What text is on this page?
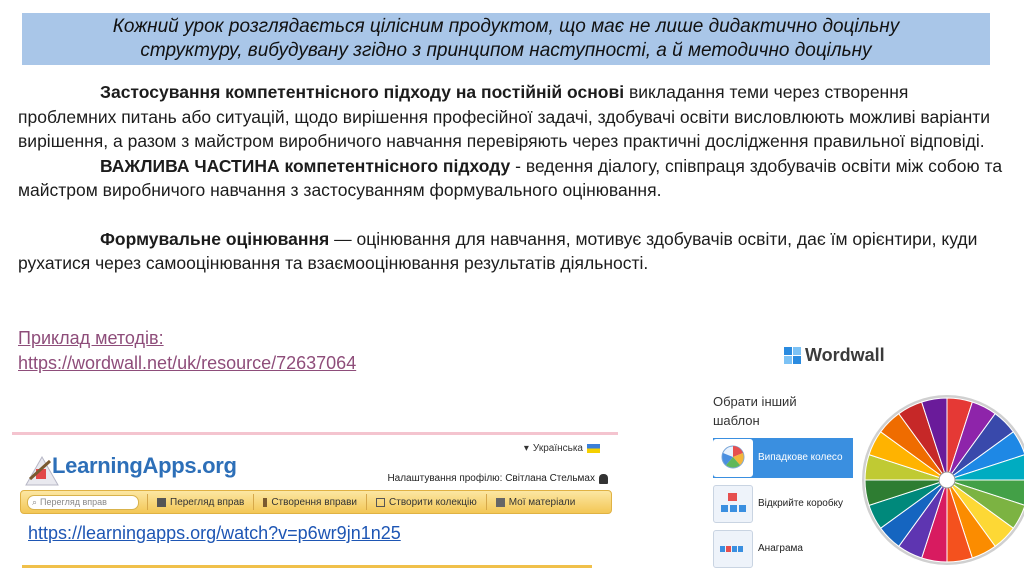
Кожний урок розглядається цілісним продуктом, що має не лише дидактично доцільну
структуру, вибудувану згідно з принципом наступності, а й методично доцільну

Застосування компетентнісного підходу на постійній основі викладання теми через створення проблемних питань або ситуацій, щодо вирішення професійної задачі, здобувачі освіти висловлюють можливі варіанти вирішення, а разом з майстром виробничого навчання перевіряють через практичні дослідження правильної відповіді.

ВАЖЛИВА ЧАСТИНА компетентнісного підходу - ведення діалогу, співпраця здобувачів освіти між собою та майстром виробничого навчання з застосуванням формувального оцінювання.

Формувальне оцінювання — оцінювання для навчання, мотивує здобувачів освіти, дає їм орієнтири, куди рухатися через самооцінювання та взаємооцінювання результатів діяльності.

Приклад методів:
https://wordwall.net/uk/resource/72637064	Wordwall
Обрати інший шаблон
Випадкове колесо
Відкрийте коробку
Анаграма
▾ Українська
LearningApps.org
Налаштування профілю: Світлана Стельмах
⌕ Перегляд вправ	Перегляд вправ	Створення вправи	Створити колекцію	Мої матеріали
https://learningapps.org/watch?v=p6wr9jn1n25
